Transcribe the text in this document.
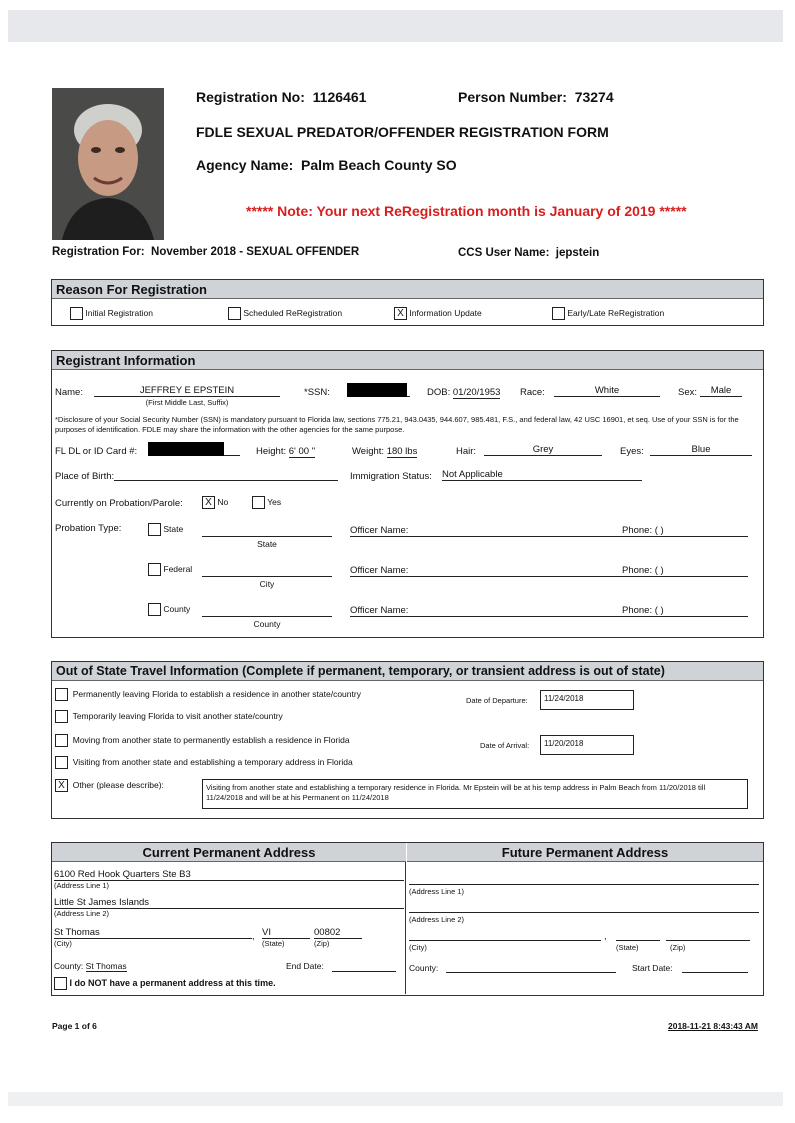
Registration No: 1126461	Person Number: 73274
FDLE SEXUAL PREDATOR/OFFENDER REGISTRATION FORM
Agency Name: Palm Beach County SO
***** Note: Your next ReRegistration month is January of 2019 *****
Registration For: November 2018 - SEXUAL OFFENDER	CCS User Name: jepstein
Reason For Registration
Initial Registration	Scheduled ReRegistration	X Information Update	Early/Late ReRegistration
Registrant Information
Name:	JEFFREY E EPSTEIN
(First Middle Last, Suffix)
*SSN:	DOB: 01/20/1953 Race:	White	Sex:	Male
*Disclosure of your Social Security Number (SSN) is mandatory pursuant to Florida law, sections 775.21, 943.0435, 944.607, 985.481, F.S., and federal law, 42 USC 16901, et seq. Use of your SSN is for the purposes of identification. FDLE may share the information with the other agencies for the same purpose.
FL DL or ID Card #:	Height: 6' 00 "	Weight: 180 lbs	Hair:	Grey	Eyes:	Blue
Place of Birth:	Immigration Status: Not Applicable
Currently on Probation/Parole:	X No	Yes
Probation Type:	State
State
Officer Name:	Phone: ( )
Federal
City
Officer Name:	Phone: ( )
County
County
Officer Name:	Phone: ( )
Out of State Travel Information (Complete if permanent, temporary, or transient address is out of state)
Permanently leaving Florida to establish a residence in another state/country
Temporarily leaving Florida to visit another state/country
Moving from another state to permanently establish a residence in Florida
Visiting from another state and establishing a temporary address in Florida
X Other (please describe):
Date of Departure:	11/24/2018
Date of Arrival:	11/20/2018
Visiting from another state and establishing a temporary residence in Florida. Mr Epstein will be at his temp address in Palm Beach from 11/20/2018 till 11/24/2018 and will be at his Permanent on 11/24/2018
Current Permanent Address	Future Permanent Address
6100 Red Hook Quarters Ste B3
(Address Line 1)
Little St James Islands
(Address Line 2)
St Thomas
(City)
, VI
(State)
00802
(Zip)
County: St Thomas	End Date:
I do NOT have a permanent address at this time.
(Address Line 1)
(Address Line 2)
(City)
,
(State)	(Zip)
County:	Start Date:
Page 1 of 6	2018-11-21 8:43:43 AM
